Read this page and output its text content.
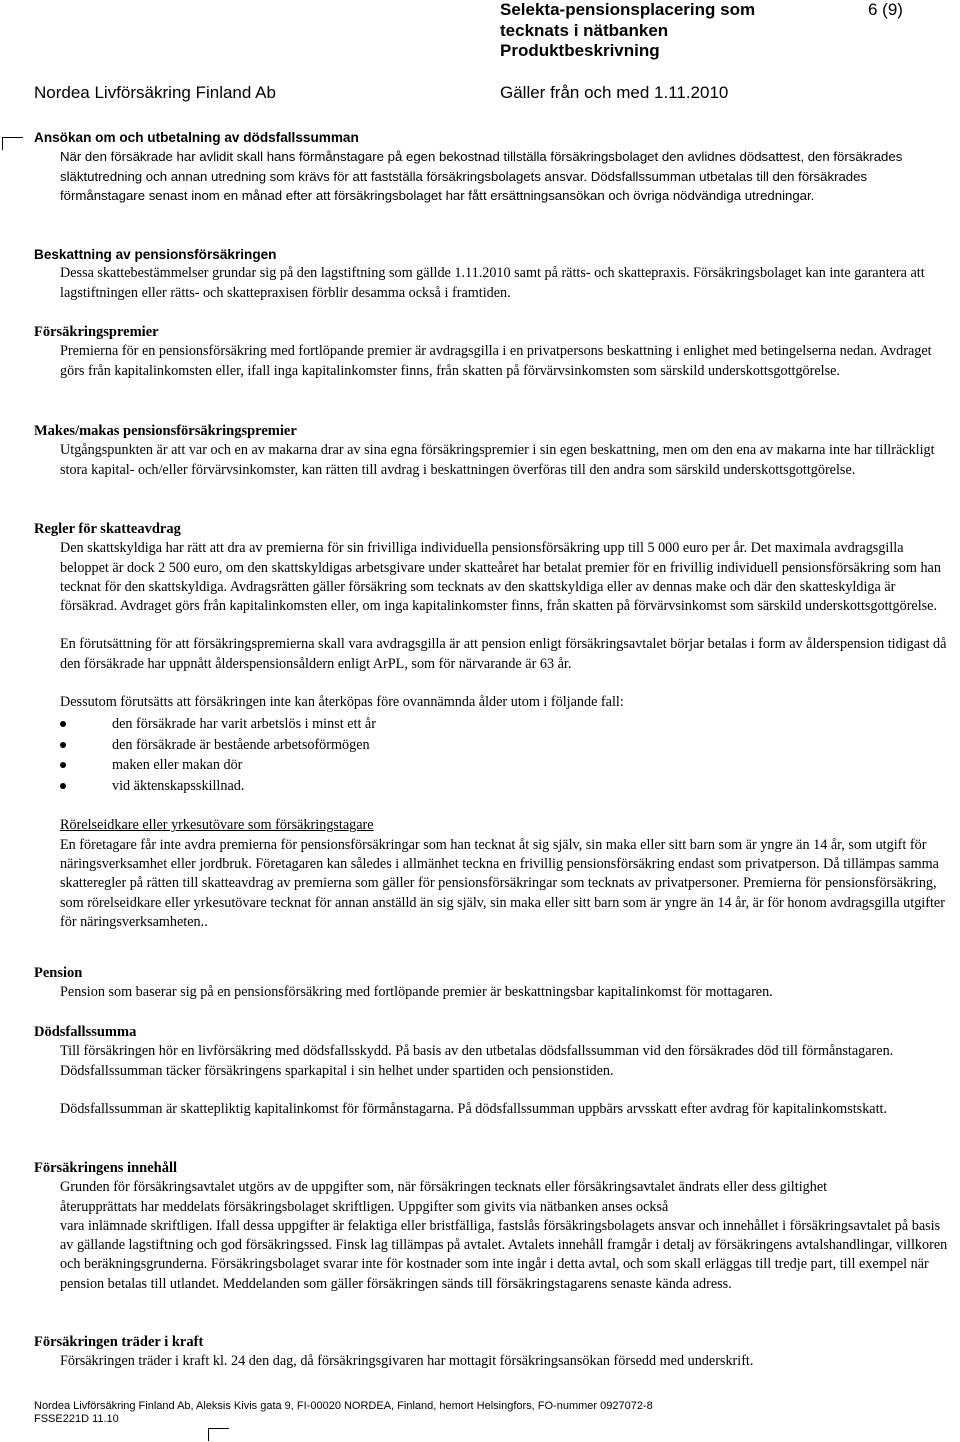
Selekta-pensionsplacering som
tecknats i nätbanken
Produktbeskrivning
6 (9)
Nordea Livförsäkring Finland Ab	Gäller från och med 1.11.2010
Ansökan om och utbetalning av dödsfallssumman
När den försäkrade har avlidit skall hans förmånstagare på egen bekostnad tillställa försäkringsbolaget den avlidnes dödsattest, den försäkrades släktutredning och annan utredning som krävs för att fastställa försäkringsbolagets ansvar. Dödsfallssumman utbetalas till den försäkrades förmånstagare senast inom en månad efter att försäkringsbolaget har fått ersättningsansökan och övriga nödvändiga utredningar.
Beskattning av pensionsförsäkringen
Dessa skattebestämmelser grundar sig på den lagstiftning som gällde 1.11.2010 samt på rätts- och skattepraxis. Försäkringsbolaget kan inte garantera att lagstiftningen eller rätts- och skattepraxisen förblir desamma också i framtiden.
Försäkringspremier
Premierna för en pensionsförsäkring med fortlöpande premier är avdragsgilla i en privatpersons beskattning i enlighet med betingelserna nedan. Avdraget görs från kapitalinkomsten eller, ifall inga kapitalinkomster finns, från skatten på förvärvsinkomsten som särskild underskottsgottgörelse.
Makes/makas pensionsförsäkringspremier
Utgångspunkten är att var och en av makarna drar av sina egna försäkringspremier i sin egen beskattning, men om den ena av makarna inte har tillräckligt stora kapital- och/eller förvärvsinkomster, kan rätten till avdrag i beskattningen överföras till den andra som särskild underskottsgottgörelse.
Regler för skatteavdrag
Den skattskyldiga har rätt att dra av premierna för sin frivilliga individuella pensionsförsäkring upp till 5 000 euro per år. Det maximala avdragsgilla beloppet är dock 2 500 euro, om den skattskyldigas arbetsgivare under skatteåret har betalat premier för en frivillig individuell pensionsförsäkring som han tecknat för den skattskyldiga. Avdragsrätten gäller försäkring som tecknats av den skattskyldiga eller av dennas make och där den skatteskyldiga är försäkrad. Avdraget görs från kapitalinkomsten eller, om inga kapitalinkomster finns, från skatten på förvärvsinkomst som särskild underskottsgottgörelse.
En förutsättning för att försäkringspremierna skall vara avdragsgilla är att pension enligt försäkringsavtalet börjar betalas i form av ålderspension tidigast då den försäkrade har uppnått ålderspensionsåldern enligt ArPL, som för närvarande är 63 år.
Dessutom förutsätts att försäkringen inte kan återköpas före ovannämnda ålder utom i följande fall:
den försäkrade har varit arbetslös i minst ett år
den försäkrade är bestående arbetsoförmögen
maken eller makan dör
vid äktenskapsskillnad.
Rörelseidkare eller yrkesutövare som försäkringstagare
En företagare får inte avdra premierna för pensionsförsäkringar som han tecknat åt sig själv, sin maka eller sitt barn som är yngre än 14 år, som utgift för näringsverksamhet eller jordbruk. Företagaren kan således i allmänhet teckna en frivillig pensionsförsäkring endast som privatperson. Då tillämpas samma skatteregler på rätten till skatteavdrag av premierna som gäller för pensionsförsäkringar som tecknats av privatpersoner. Premierna för pensionsförsäkring, som rörelseidkare eller yrkesutövare tecknat för annan anställd än sig själv, sin maka eller sitt barn som är yngre än 14 år, är för honom avdragsgilla utgifter för näringsverksamheten..
Pension
Pension som baserar sig på en pensionsförsäkring med fortlöpande premier är beskattningsbar kapitalinkomst för mottagaren.
Dödsfallssumma
Till försäkringen hör en livförsäkring med dödsfallsskydd. På basis av den utbetalas dödsfallssumman vid den försäkrades död till förmånstagaren. Dödsfallssumman täcker försäkringens sparkapital i sin helhet under spartiden och pensionstiden.
Dödsfallssumman är skattepliktig kapitalinkomst för förmånstagarna. På dödsfallssumman uppbärs arvsskatt efter avdrag för kapitalinkomstskatt.
Försäkringens innehåll
Grunden för försäkringsavtalet utgörs av de uppgifter som, när försäkringen tecknats eller försäkringsavtalet ändrats eller dess giltighet
återupprättats har meddelats försäkringsbolaget skriftligen. Uppgifter som givits via nätbanken anses också
vara inlämnade skriftligen. Ifall dessa uppgifter är felaktiga eller bristfälliga, fastslås försäkringsbolagets ansvar och innehållet i försäkringsavtalet på basis av gällande lagstiftning och god försäkringssed. Finsk lag tillämpas på avtalet. Avtalets innehåll framgår i detalj av försäkringens avtalshandlingar, villkoren och beräkningsgrunderna. Försäkringsbolaget svarar inte för kostnader som inte ingår i detta avtal, och som skall erläggas till tredje part, till exempel när pension betalas till utlandet. Meddelanden som gäller försäkringen sänds till försäkringstagarens senaste kända adress.
Försäkringen träder i kraft
Försäkringen träder i kraft kl. 24 den dag, då försäkringsgivaren har mottagit försäkringsansökan försedd med underskrift.
Nordea Livförsäkring Finland Ab, Aleksis Kivis gata 9, FI-00020 NORDEA, Finland, hemort Helsingfors, FO-nummer 0927072-8
FSSE221D 11.10
